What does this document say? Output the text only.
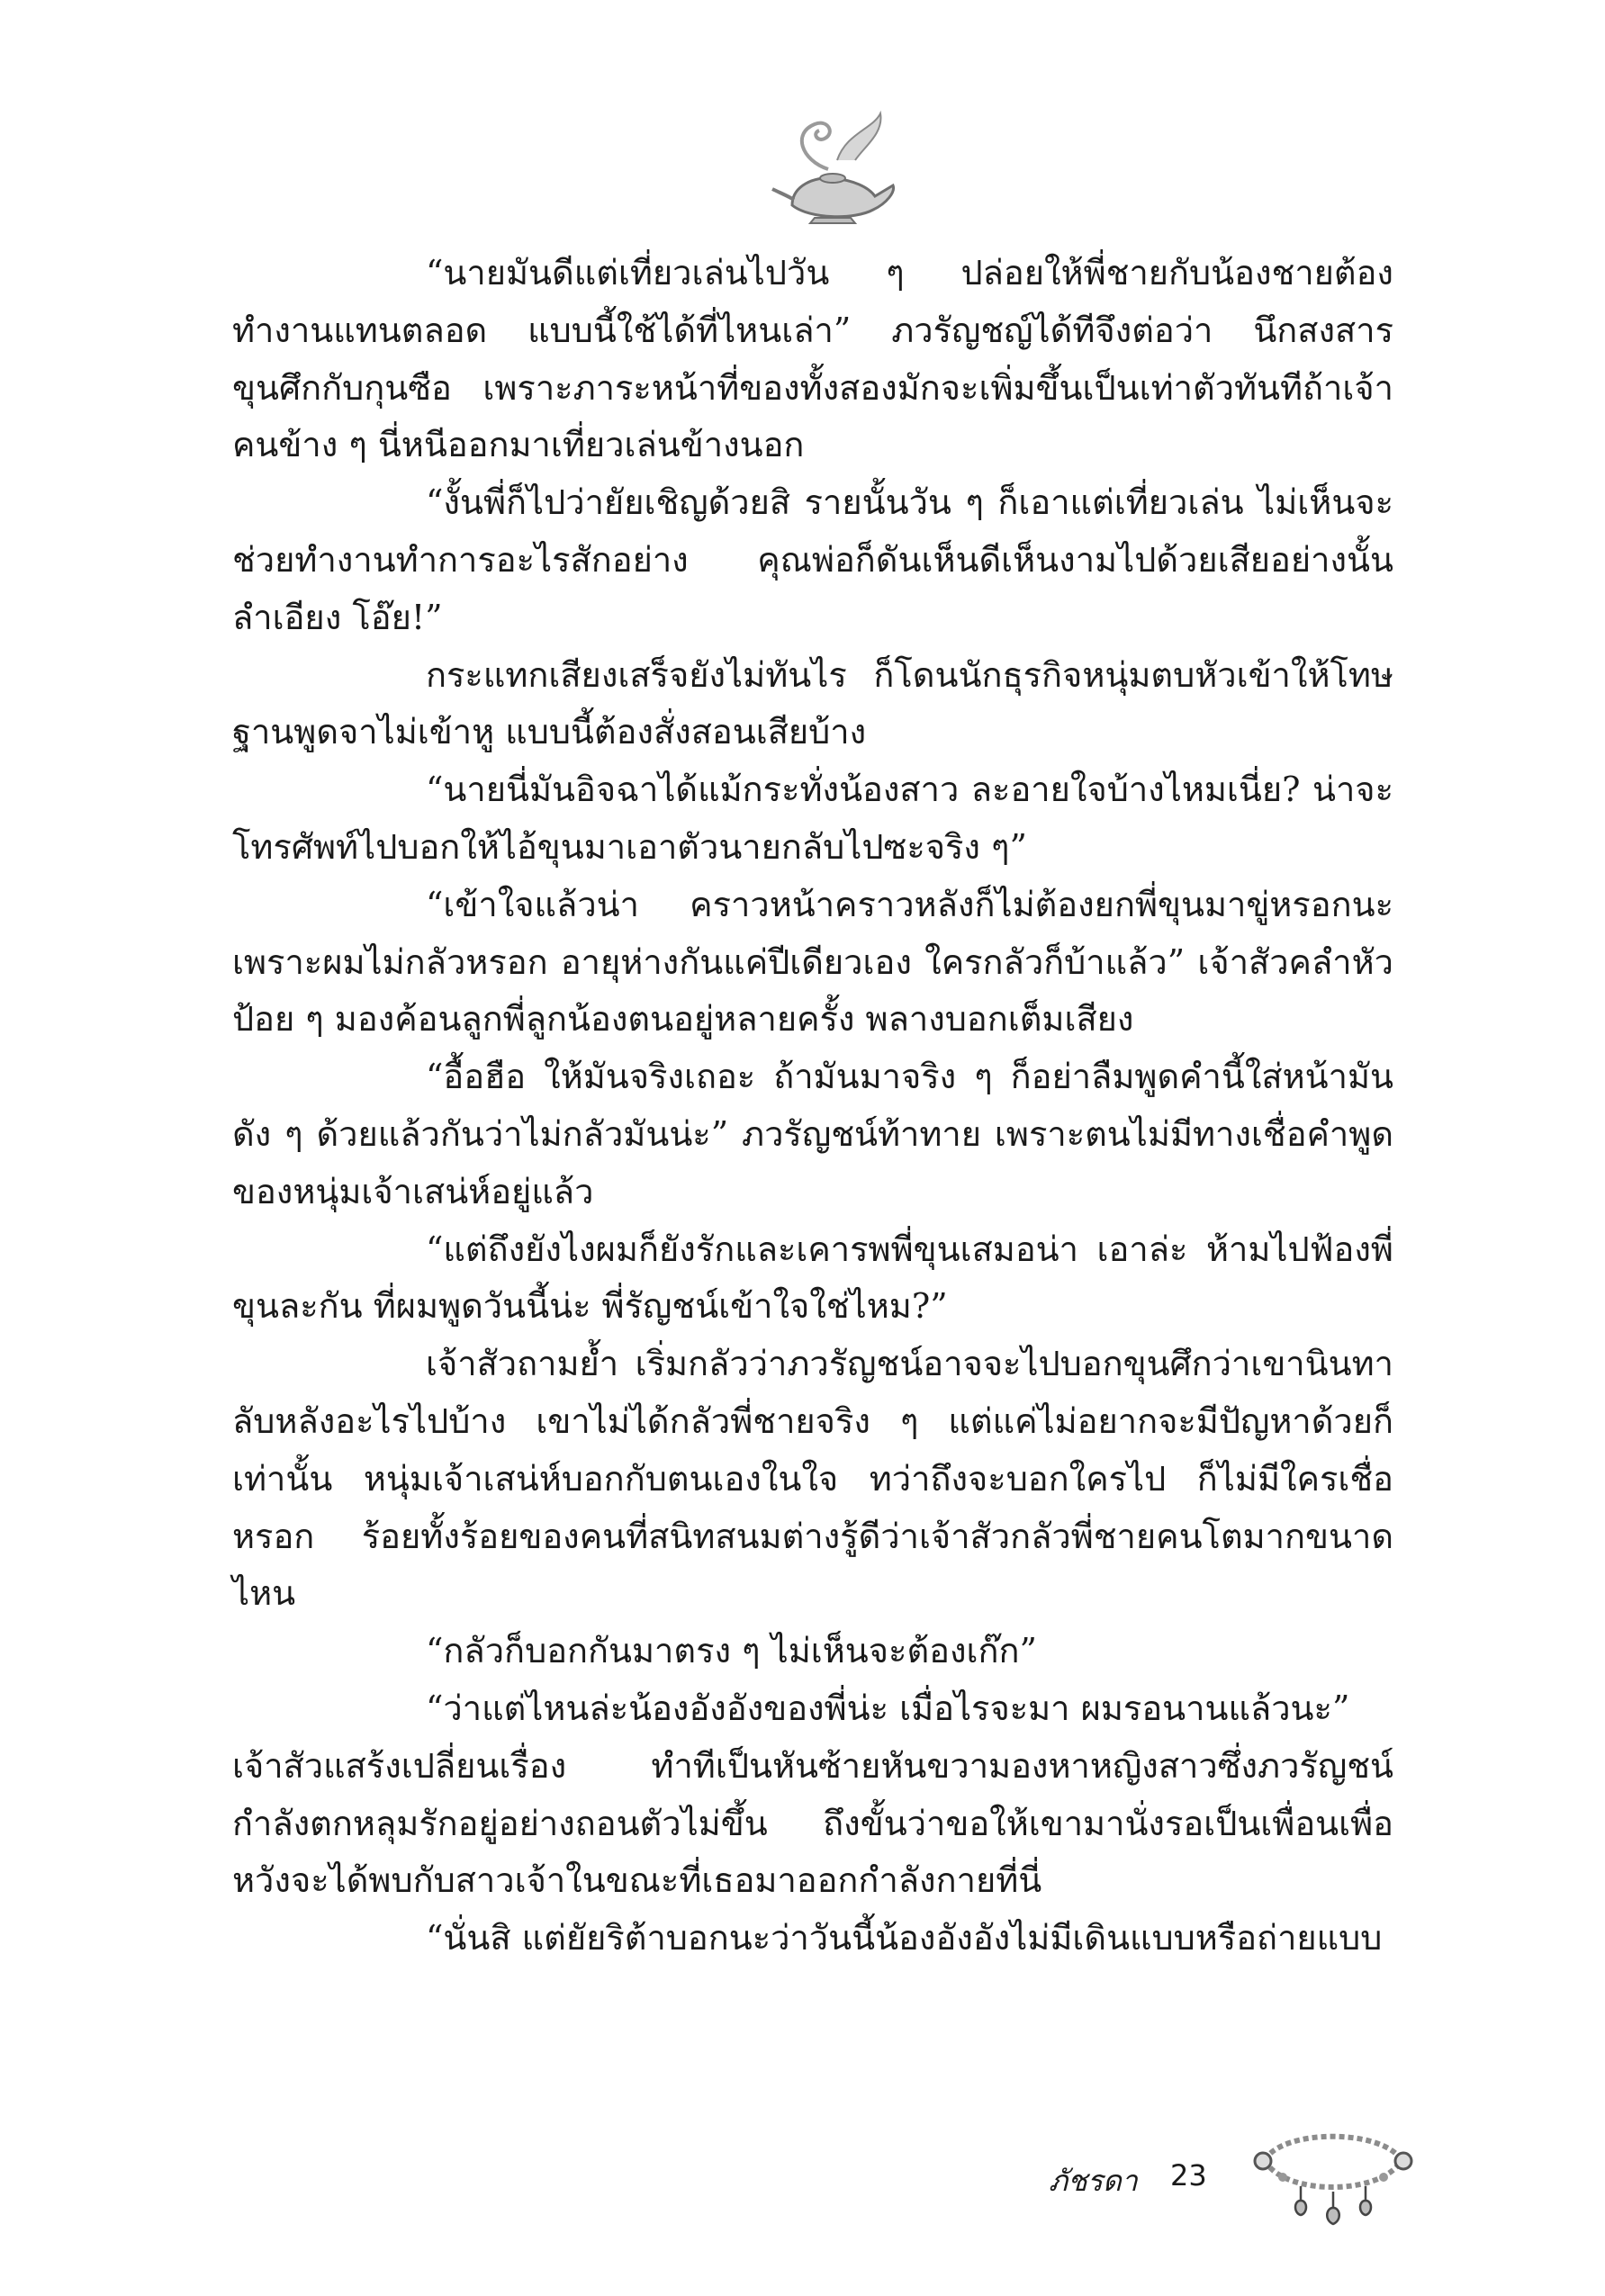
“นายมันดีแต่เที่ยวเล่นไปวัน ๆ ปล่อยให้พี่ชายกับน้องชายต้องทำงานแทนตลอด แบบนี้ใช้ได้ที่ไหนเล่า” ภวรัญชญ์ได้ทีจึงต่อว่า นึกสงสารขุนศึกกับกุนซือ เพราะภาระหน้าที่ของทั้งสองมักจะเพิ่มขึ้นเป็นเท่าตัวทันทีถ้าเจ้าคนข้าง ๆ นี่หนีออกมาเที่ยวเล่นข้างนอก

“งั้นพี่ก็ไปว่ายัยเชิญด้วยสิ รายนั้นวัน ๆ ก็เอาแต่เที่ยวเล่น ไม่เห็นจะช่วยทำงานทำการอะไรสักอย่าง คุณพ่อก็ดันเห็นดีเห็นงามไปด้วยเสียอย่างนั้นลำเอียง โอ๊ย!”

กระแทกเสียงเสร็จยังไม่ทันไร ก็โดนนักธุรกิจหนุ่มตบหัวเข้าให้โทษฐานพูดจาไม่เข้าหู แบบนี้ต้องสั่งสอนเสียบ้าง

“นายนี่มันอิจฉาได้แม้กระทั่งน้องสาว ละอายใจบ้างไหมเนี่ย? น่าจะโทรศัพท์ไปบอกให้ไอ้ขุนมาเอาตัวนายกลับไปซะจริง ๆ”

“เข้าใจแล้วน่า คราวหน้าคราวหลังก็ไม่ต้องยกพี่ขุนมาขู่หรอกนะ เพราะผมไม่กลัวหรอก อายุห่างกันแค่ปีเดียวเอง ใครกลัวก็บ้าแล้ว” เจ้าสัวคลำหัวป้อย ๆ มองค้อนลูกพี่ลูกน้องตนอยู่หลายครั้ง พลางบอกเต็มเสียง

“อื้อฮือ ให้มันจริงเถอะ ถ้ามันมาจริง ๆ ก็อย่าลืมพูดคำนี้ใส่หน้ามันดัง ๆ ด้วยแล้วกันว่าไม่กลัวมันน่ะ” ภวรัญชน์ท้าทาย เพราะตนไม่มีทางเชื่อคำพูดของหนุ่มเจ้าเสน่ห์อยู่แล้ว

“แต่ถึงยังไงผมก็ยังรักและเคารพพี่ขุนเสมอน่า เอาล่ะ ห้ามไปฟ้องพี่ขุนละกัน ที่ผมพูดวันนี้น่ะ พี่รัญชน์เข้าใจใช่ไหม?”

เจ้าสัวถามย้ำ เริ่มกลัวว่าภวรัญชน์อาจจะไปบอกขุนศึกว่าเขานินทาลับหลังอะไรไปบ้าง เขาไม่ได้กลัวพี่ชายจริง ๆ แต่แค่ไม่อยากจะมีปัญหาด้วยก็เท่านั้น หนุ่มเจ้าเสน่ห์บอกกับตนเองในใจ ทว่าถึงจะบอกใครไป ก็ไม่มีใครเชื่อหรอก ร้อยทั้งร้อยของคนที่สนิทสนมต่างรู้ดีว่าเจ้าสัวกลัวพี่ชายคนโตมากขนาดไหน

“กลัวก็บอกกันมาตรง ๆ ไม่เห็นจะต้องเก๊ก”

“ว่าแต่ไหนล่ะน้องอังอังของพี่น่ะ เมื่อไรจะมา ผมรอนานแล้วนะ”

เจ้าสัวแสร้งเปลี่ยนเรื่อง ทำทีเป็นหันซ้ายหันขวามองหาหญิงสาวซึ่งภวรัญชน์กำลังตกหลุมรักอยู่อย่างถอนตัวไม่ขึ้น ถึงขั้นว่าขอให้เขามานั่งรอเป็นเพื่อนเพื่อหวังจะได้พบกับสาวเจ้าในขณะที่เธอมาออกกำลังกายที่นี่

“นั่นสิ แต่ยัยริต้าบอกนะว่าวันนี้น้องอังอังไม่มีเดินแบบหรือถ่ายแบบ

ภัชรดา 23
